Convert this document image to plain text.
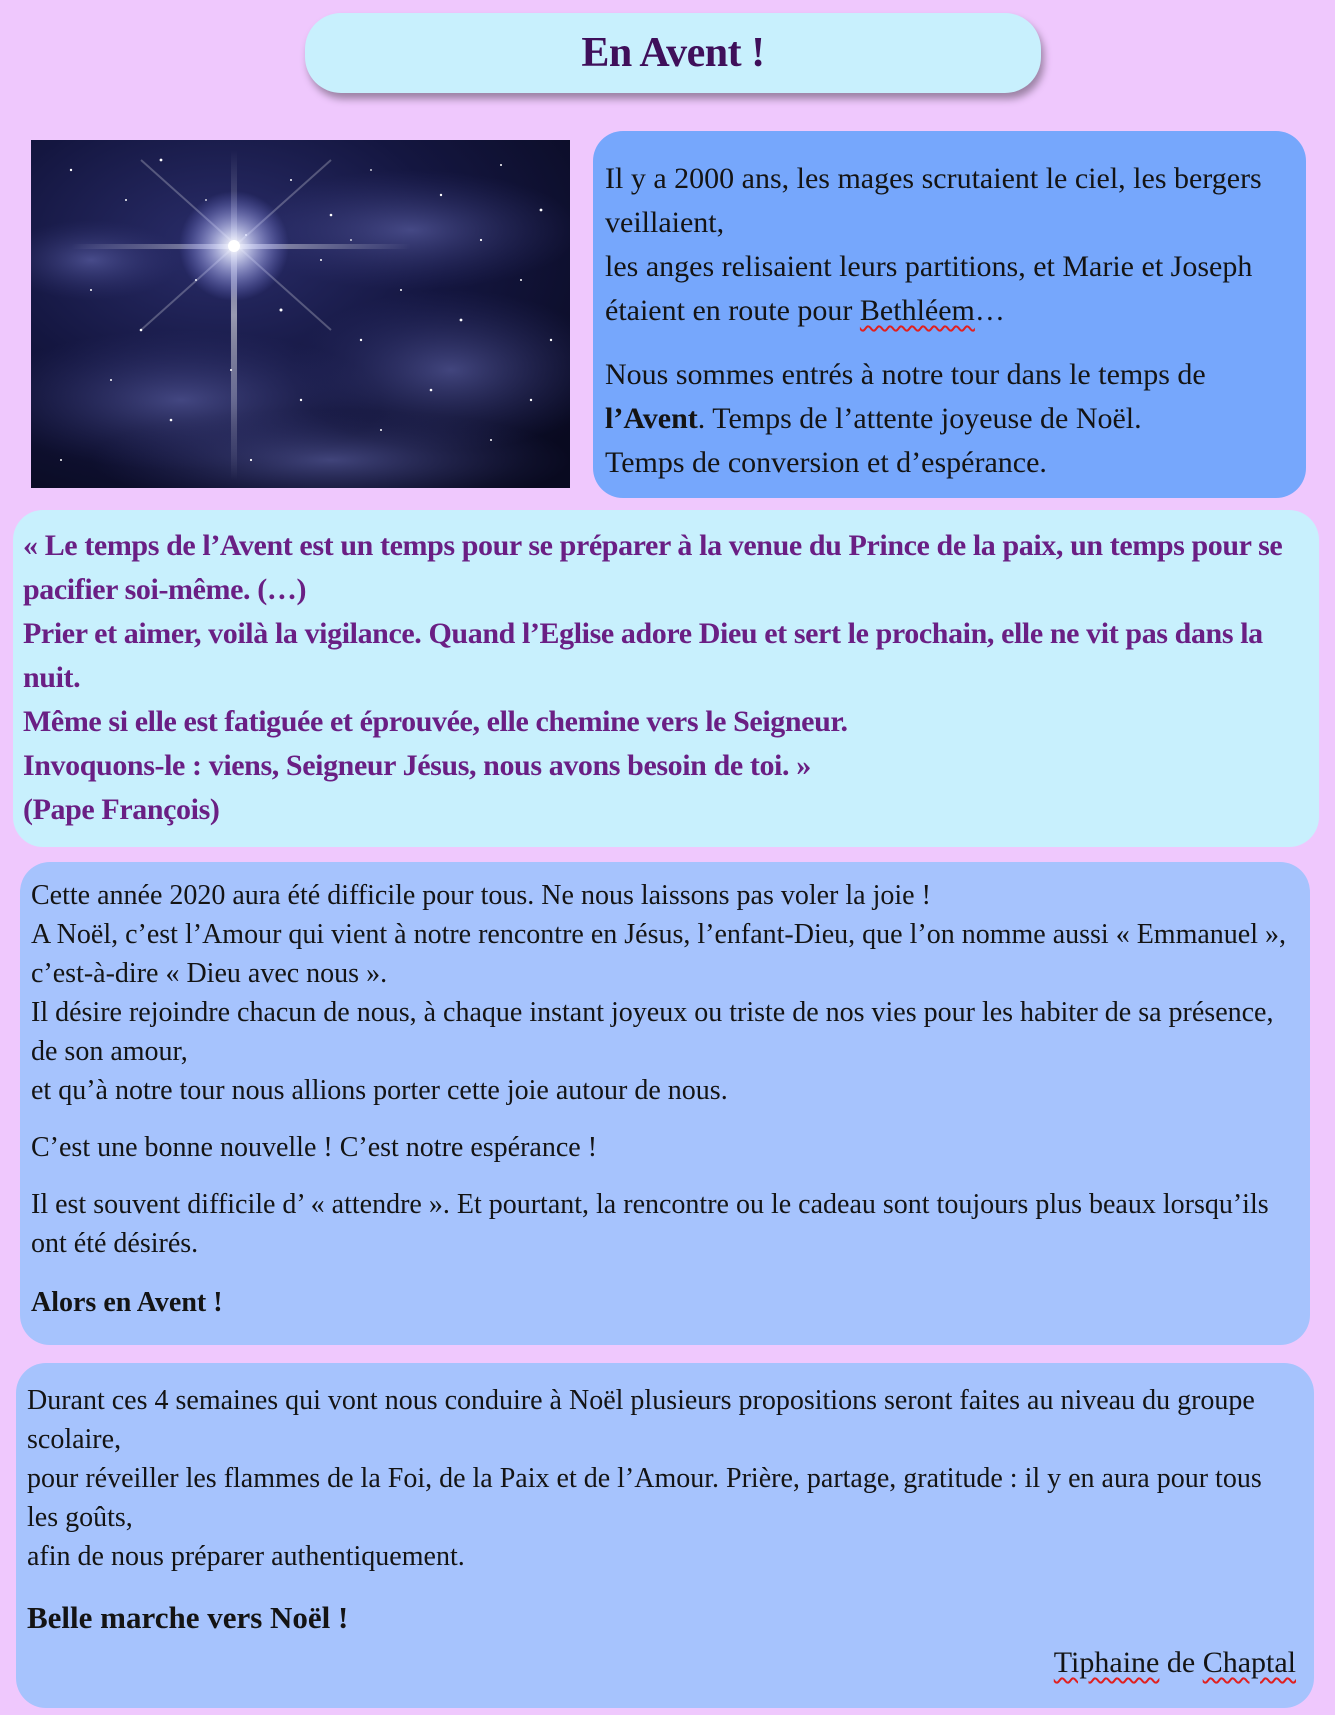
En Avent !

Il y a 2000 ans, les mages scrutaient le ciel, les bergers veillaient,
les anges relisaient leurs partitions, et Marie et Joseph étaient en route pour Bethléem…

Nous sommes entrés à notre tour dans le temps de l’Avent. Temps de l’attente joyeuse de Noël.
Temps de conversion et d’espérance.

« Le temps de l’Avent est un temps pour se préparer à la venue du Prince de la paix, un temps pour se pacifier soi-même. (…)
Prier et aimer, voilà la vigilance. Quand l’Eglise adore Dieu et sert le prochain, elle ne vit pas dans la nuit.
Même si elle est fatiguée et éprouvée, elle chemine vers le Seigneur.
Invoquons-le : viens, Seigneur Jésus, nous avons besoin de toi. »
(Pape François)

Cette année 2020 aura été difficile pour tous. Ne nous laissons pas voler la joie !

A Noël, c’est l’Amour qui vient à notre rencontre en Jésus, l’enfant-Dieu, que l’on nomme aussi « Emmanuel », c’est-à-dire « Dieu avec nous ».

Il désire rejoindre chacun de nous, à chaque instant joyeux ou triste de nos vies pour les habiter de sa présence, de son amour,

et qu’à notre tour nous allions porter cette joie autour de nous.

C’est une bonne nouvelle ! C’est notre espérance !

Il est souvent difficile d’ « attendre ». Et pourtant, la rencontre ou le cadeau sont toujours plus beaux lorsqu’ils ont été désirés.

Alors en Avent !

Durant ces 4 semaines qui vont nous conduire à Noël plusieurs propositions seront faites au niveau du groupe scolaire,

pour réveiller les flammes de la Foi, de la Paix et de l’Amour. Prière, partage, gratitude : il y en aura pour tous les goûts,

afin de nous préparer authentiquement.

Belle marche vers Noël !

Tiphaine de Chaptal
